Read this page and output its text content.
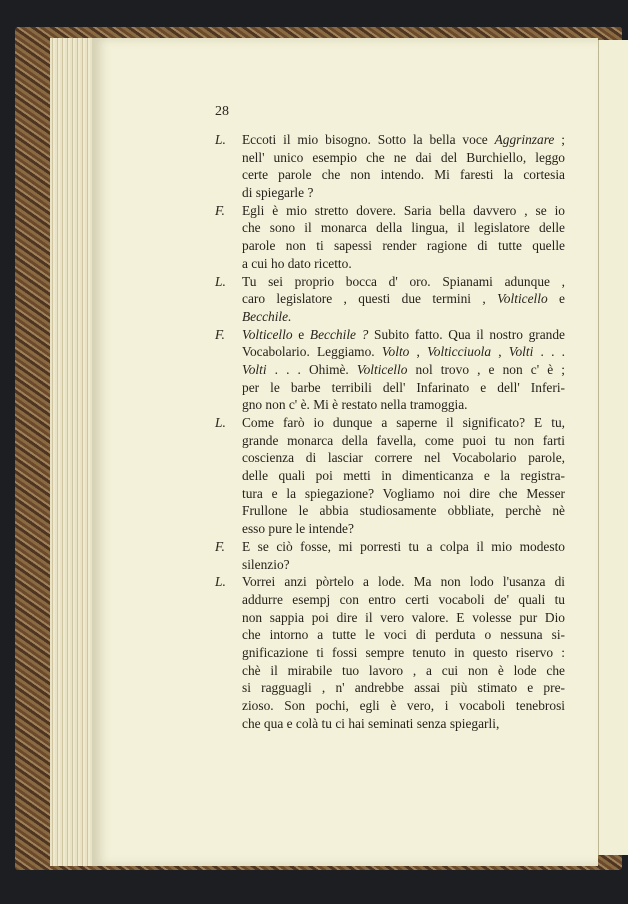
28
L.	Eccoti il mio bisogno. Sotto la bella voce Aggrinzare ;
nell' unico esempio che ne dai del Burchiello, leggo
certe parole che non intendo. Mi faresti la cortesia
di spiegarle ?
F.	Egli è mio stretto dovere. Saria bella davvero , se io
che sono il monarca della lingua, il legislatore delle
parole non ti sapessi render ragione di tutte quelle
a cui ho dato ricetto.
L.	Tu sei proprio bocca d' oro. Spianami adunque ,
caro legislatore , questi due termini , Volticello e
Becchile.
F.	Volticello e Becchile ? Subito fatto. Qua il nostro grande
Vocabolario. Leggiamo. Volto , Volticciuola , Volti . . .
Volti . . . Ohimè. Volticello nol trovo , e non c' è ;
per le barbe terribili dell' Infarinato e dell' Inferi-
gno non c' è. Mi è restato nella tramoggia.
L.	Come farò io dunque a saperne il significato? E tu,
grande monarca della favella, come puoi tu non farti
coscienza di lasciar correre nel Vocabolario parole,
delle quali poi metti in dimenticanza e la registra-
tura e la spiegazione? Vogliamo noi dire che Messer
Frullone le abbia studiosamente obbliate, perchè nè
esso pure le intende?
F.	E se ciò fosse, mi porresti tu a colpa il mio modesto
silenzio?
L.	Vorrei anzi pòrtelo a lode. Ma non lodo l'usanza di
addurre esempj con entro certi vocaboli de' quali tu
non sappia poi dire il vero valore. E volesse pur Dio
che intorno a tutte le voci di perduta o nessuna si-
gnificazione ti fossi sempre tenuto in questo riservo :
chè il mirabile tuo lavoro , a cui non è lode che
si ragguagli , n' andrebbe assai più stimato e pre-
zioso. Son pochi, egli è vero, i vocaboli tenebrosi
che qua e colà tu ci hai seminati senza spiegarli,
